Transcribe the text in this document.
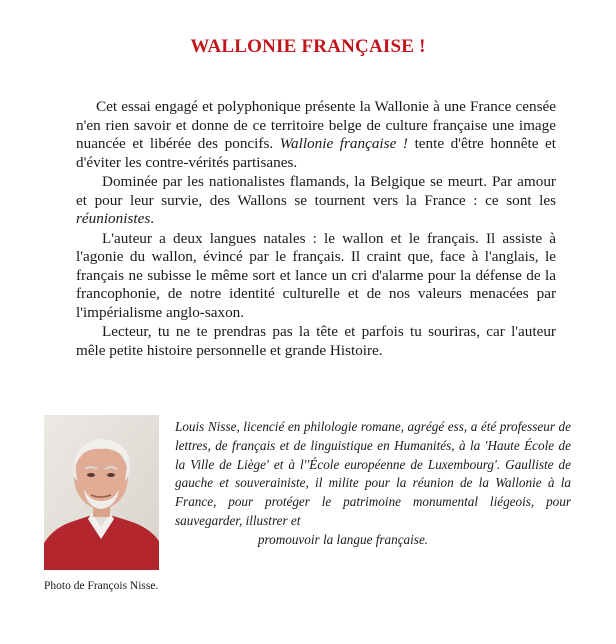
WALLONIE FRANÇAISE !

Cet essai engagé et polyphonique présente la Wallonie à une France censée n'en rien savoir et donne de ce territoire belge de culture française une image nuancée et libérée des poncifs. Wallonie française ! tente d'être honnête et d'éviter les contre-vérités partisanes.

Dominée par les nationalistes flamands, la Belgique se meurt. Par amour et pour leur survie, des Wallons se tournent vers la France : ce sont les réunionistes.

L'auteur a deux langues natales : le wallon et le français. Il assiste à l'agonie du wallon, évincé par le français. Il craint que, face à l'anglais, le français ne subisse le même sort et lance un cri d'alarme pour la défense de la francophonie, de notre identité culturelle et de nos valeurs menacées par l'impérialisme anglo-saxon.

Lecteur, tu ne te prendras pas la tête et parfois tu souriras, car l'auteur mêle petite histoire personnelle et grande Histoire.

Photo de François Nisse.
Louis Nisse, licencié en philologie romane, agrégé ess, a été professeur de lettres, de français et de linguistique en Humanités, à la 'Haute École de la Ville de Liège' et à l''École européenne de Luxembourg'. Gaulliste de gauche et souverainiste, il milite pour la réunion de la Wallonie à la France, pour protéger le patrimoine monumental liégeois, pour sauvegarder, illustrer et
promouvoir la langue française.
